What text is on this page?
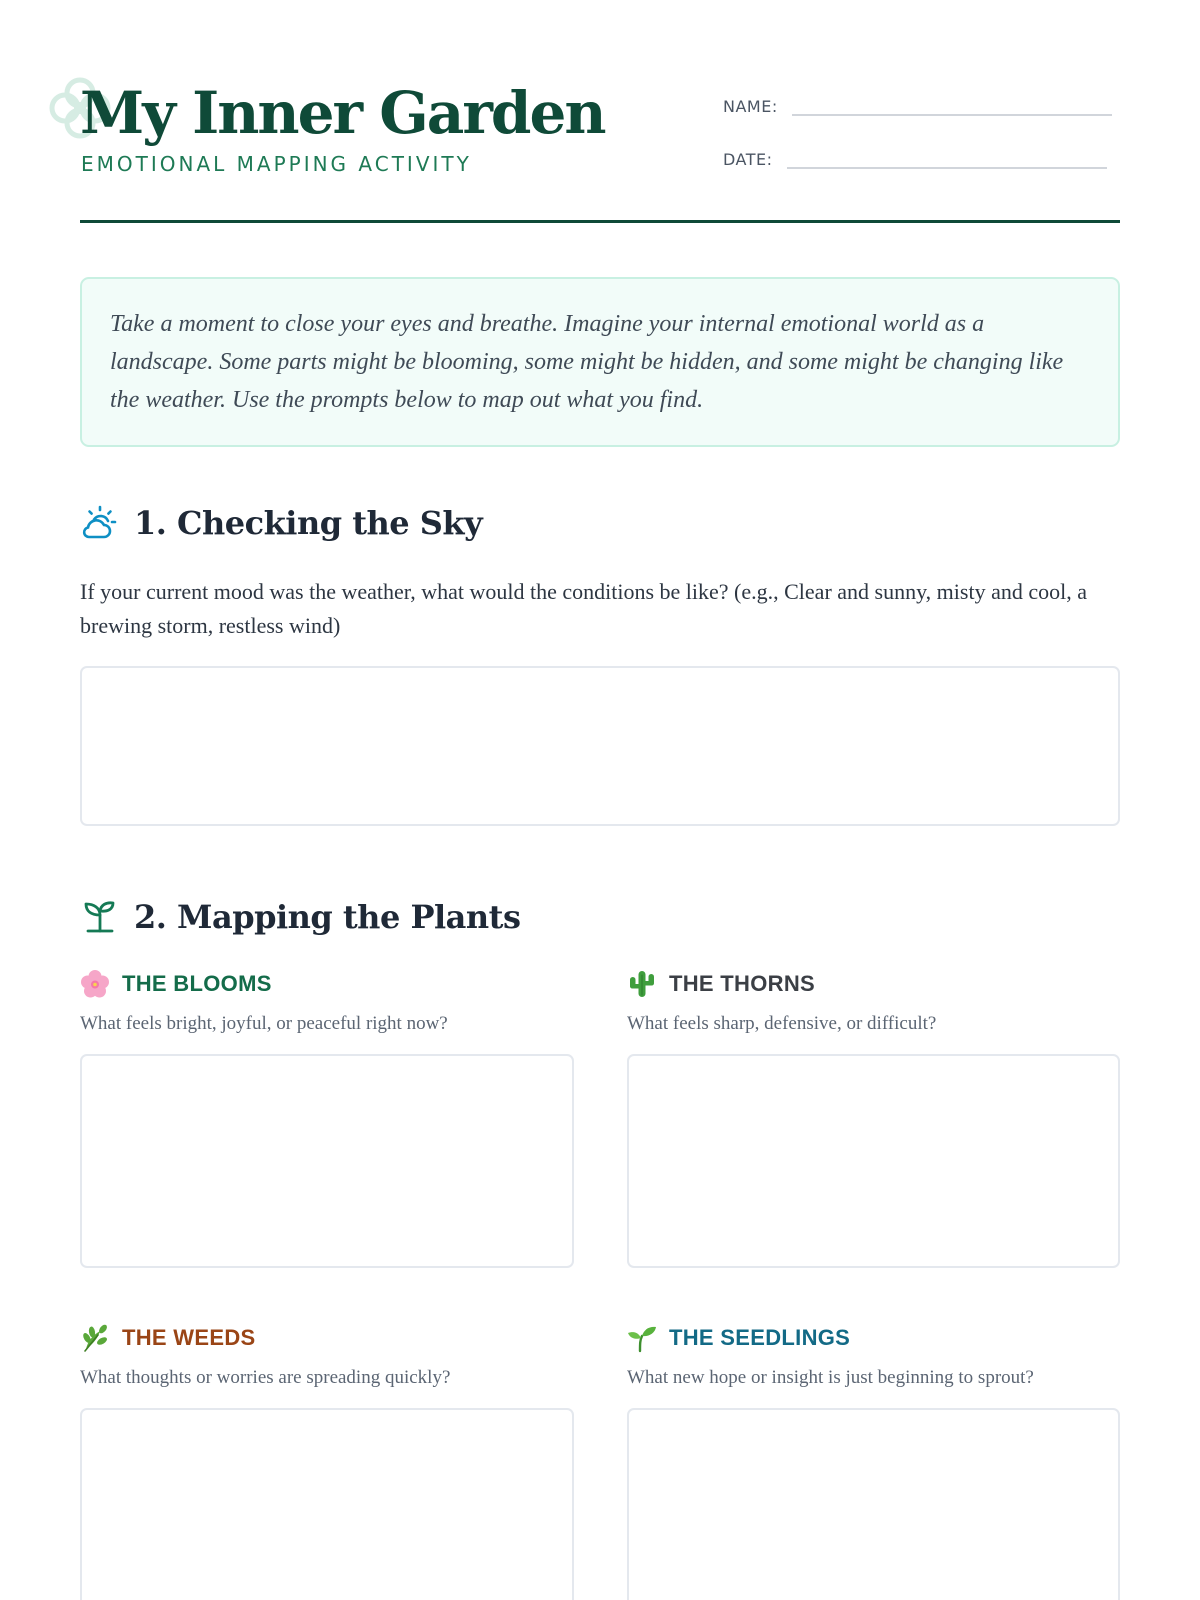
My Inner Garden
EMOTIONAL MAPPING ACTIVITY
NAME:
DATE:

Take a moment to close your eyes and breathe. Imagine your internal emotional world as a landscape. Some parts might be blooming, some might be hidden, and some might be changing like the weather. Use the prompts below to map out what you find.

1. Checking the Sky

If your current mood was the weather, what would the conditions be like? (e.g., Clear and sunny, misty and cool, a brewing storm, restless wind)

2. Mapping the Plants
THE BLOOMS
What feels bright, joyful, or peaceful right now?
THE THORNS
What feels sharp, defensive, or difficult?
THE WEEDS
What thoughts or worries are spreading quickly?
THE SEEDLINGS
What new hope or insight is just beginning to sprout?
